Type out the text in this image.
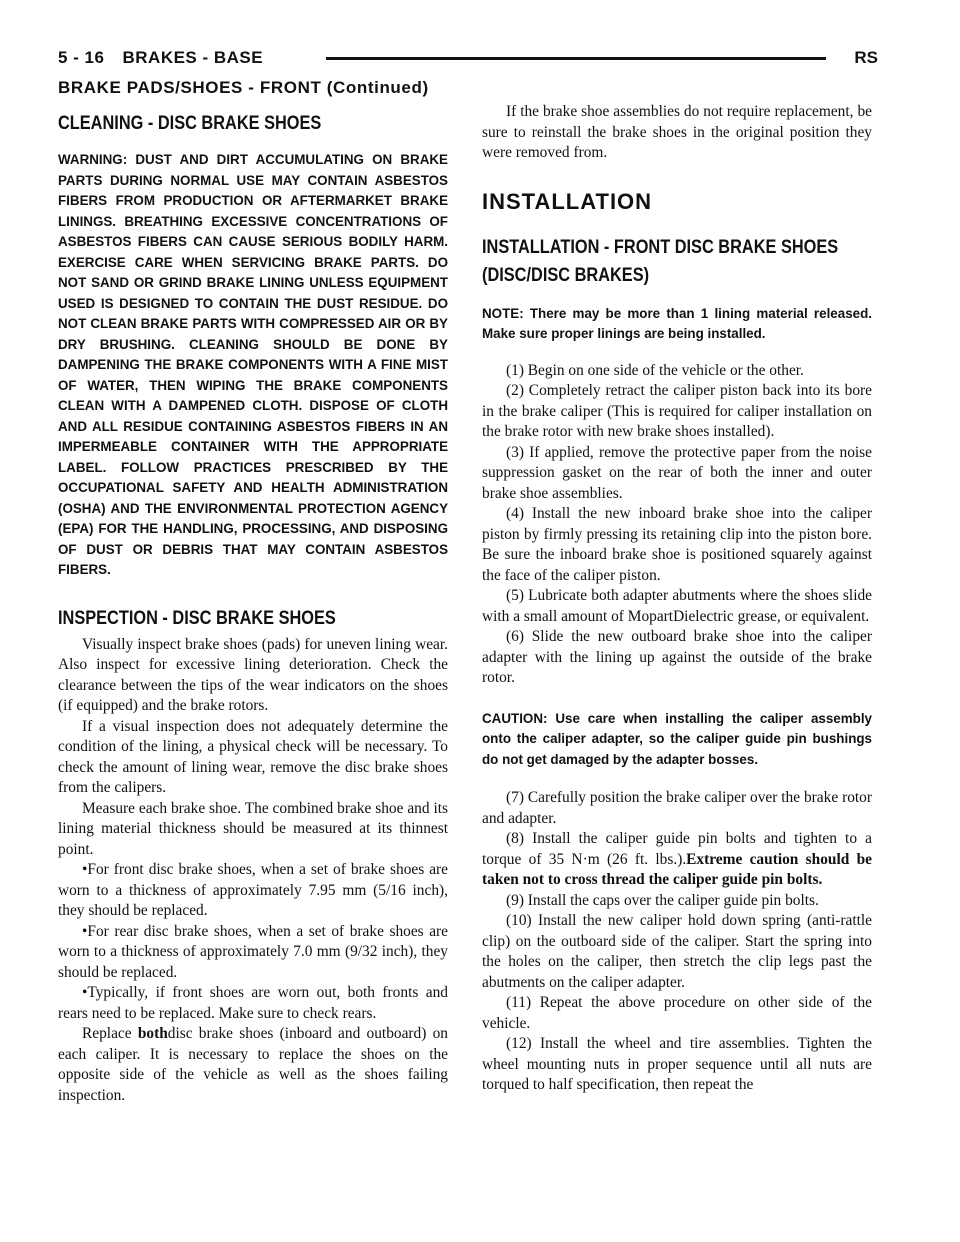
5 - 16 BRAKES - BASE	RS
BRAKE PADS/SHOES - FRONT (Continued)
CLEANING - DISC BRAKE SHOES

WARNING: DUST AND DIRT ACCUMULATING ON BRAKE PARTS DURING NORMAL USE MAY CONTAIN ASBESTOS FIBERS FROM PRODUCTION OR AFTERMARKET BRAKE LININGS. BREATHING EXCESSIVE CONCENTRATIONS OF ASBESTOS FIBERS CAN CAUSE SERIOUS BODILY HARM. EXERCISE CARE WHEN SERVICING BRAKE PARTS. DO NOT SAND OR GRIND BRAKE LINING UNLESS EQUIPMENT USED IS DESIGNED TO CONTAIN THE DUST RESIDUE. DO NOT CLEAN BRAKE PARTS WITH COMPRESSED AIR OR BY DRY BRUSHING. CLEANING SHOULD BE DONE BY DAMPENING THE BRAKE COMPONENTS WITH A FINE MIST OF WATER, THEN WIPING THE BRAKE COMPONENTS CLEAN WITH A DAMPENED CLOTH. DISPOSE OF CLOTH AND ALL RESIDUE CONTAINING ASBESTOS FIBERS IN AN IMPERMEABLE CONTAINER WITH THE APPROPRIATE LABEL. FOLLOW PRACTICES PRESCRIBED BY THE OCCUPATIONAL SAFETY AND HEALTH ADMINISTRATION (OSHA) AND THE ENVIRONMENTAL PROTECTION AGENCY (EPA) FOR THE HANDLING, PROCESSING, AND DISPOSING OF DUST OR DEBRIS THAT MAY CONTAIN ASBESTOS FIBERS.

INSPECTION - DISC BRAKE SHOES

Visually inspect brake shoes (pads) for uneven lining wear. Also inspect for excessive lining deterioration. Check the clearance between the tips of the wear indicators on the shoes (if equipped) and the brake rotors.

If a visual inspection does not adequately determine the condition of the lining, a physical check will be necessary. To check the amount of lining wear, remove the disc brake shoes from the calipers.

Measure each brake shoe. The combined brake shoe and its lining material thickness should be measured at its thinnest point.

•For front disc brake shoes, when a set of brake shoes are worn to a thickness of approximately 7.95 mm (5/16 inch), they should be replaced.

•For rear disc brake shoes, when a set of brake shoes are worn to a thickness of approximately 7.0 mm (9/32 inch), they should be replaced.

•Typically, if front shoes are worn out, both fronts and rears need to be replaced. Make sure to check rears.

Replace bothdisc brake shoes (inboard and outboard) on each caliper. It is necessary to replace the shoes on the opposite side of the vehicle as well as the shoes failing inspection.

If the brake shoe assemblies do not require replacement, be sure to reinstall the brake shoes in the original position they were removed from.

INSTALLATION
INSTALLATION - FRONT DISC BRAKE SHOES
(DISC/DISC BRAKES)

NOTE: There may be more than 1 lining material released. Make sure proper linings are being installed.

(1) Begin on one side of the vehicle or the other.

(2) Completely retract the caliper piston back into its bore in the brake caliper (This is required for caliper installation on the brake rotor with new brake shoes installed).

(3) If applied, remove the protective paper from the noise suppression gasket on the rear of both the inner and outer brake shoe assemblies.

(4) Install the new inboard brake shoe into the caliper piston by firmly pressing its retaining clip into the piston bore. Be sure the inboard brake shoe is positioned squarely against the face of the caliper piston.

(5) Lubricate both adapter abutments where the shoes slide with a small amount of MopartDielectric grease, or equivalent.

(6) Slide the new outboard brake shoe into the caliper adapter with the lining up against the outside of the brake rotor.

CAUTION: Use care when installing the caliper assembly onto the caliper adapter, so the caliper guide pin bushings do not get damaged by the adapter bosses.

(7) Carefully position the brake caliper over the brake rotor and adapter.

(8) Install the caliper guide pin bolts and tighten to a torque of 35 N·m (26 ft. lbs.).Extreme caution should be taken not to cross thread the caliper guide pin bolts.

(9) Install the caps over the caliper guide pin bolts.

(10) Install the new caliper hold down spring (anti-rattle clip) on the outboard side of the caliper. Start the spring into the holes on the caliper, then stretch the clip legs past the abutments on the caliper adapter.

(11) Repeat the above procedure on other side of the vehicle.

(12) Install the wheel and tire assemblies. Tighten the wheel mounting nuts in proper sequence until all nuts are torqued to half specification, then repeat the
